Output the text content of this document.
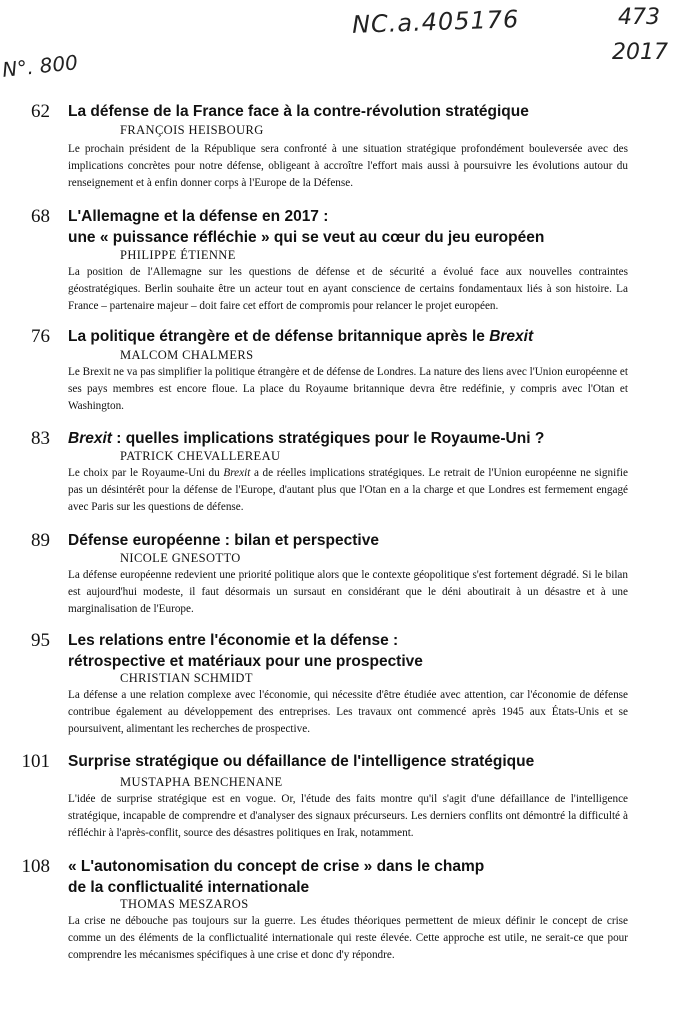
NC.a.405176	473
2017
N°. 800
62 La défense de la France face à la contre-révolution stratégique
FRANÇOIS HEISBOURG
Le prochain président de la République sera confronté à une situation stratégique profondément bouleversée avec des implications concrètes pour notre défense, obligeant à accroître l'effort mais aussi à poursuivre les évolutions autour du renseignement et à enfin donner corps à l'Europe de la Défense.
68 L'Allemagne et la défense en 2017 :
une « puissance réfléchie » qui se veut au cœur du jeu européen
PHILIPPE ÉTIENNE
La position de l'Allemagne sur les questions de défense et de sécurité a évolué face aux nouvelles contraintes géostratégiques. Berlin souhaite être un acteur tout en ayant conscience de certains fondamentaux liés à son histoire. La France – partenaire majeur – doit faire cet effort de compromis pour relancer le projet européen.
76 La politique étrangère et de défense britannique après le Brexit
MALCOM CHALMERS
Le Brexit ne va pas simplifier la politique étrangère et de défense de Londres. La nature des liens avec l'Union européenne et ses pays membres est encore floue. La place du Royaume britannique devra être redéfinie, y compris avec l'Otan et Washington.
83 Brexit : quelles implications stratégiques pour le Royaume-Uni ?
PATRICK CHEVALLEREAU
Le choix par le Royaume-Uni du Brexit a de réelles implications stratégiques. Le retrait de l'Union européenne ne signifie pas un désintérêt pour la défense de l'Europe, d'autant plus que l'Otan en a la charge et que Londres est fermement engagé avec Paris sur les questions de défense.
89 Défense européenne : bilan et perspective
NICOLE GNESOTTO
La défense européenne redevient une priorité politique alors que le contexte géopolitique s'est fortement dégradé. Si le bilan est aujourd'hui modeste, il faut désormais un sursaut en considérant que le déni aboutirait à un désastre et à une marginalisation de l'Europe.
95 Les relations entre l'économie et la défense :
rétrospective et matériaux pour une prospective
CHRISTIAN SCHMIDT
La défense a une relation complexe avec l'économie, qui nécessite d'être étudiée avec attention, car l'économie de défense contribue également au développement des entreprises. Les travaux ont commencé après 1945 aux États-Unis et se poursuivent, alimentant les recherches de prospective.
101 Surprise stratégique ou défaillance de l'intelligence stratégique
MUSTAPHA BENCHENANE
L'idée de surprise stratégique est en vogue. Or, l'étude des faits montre qu'il s'agit d'une défaillance de l'intelligence stratégique, incapable de comprendre et d'analyser des signaux précurseurs. Les derniers conflits ont démontré la difficulté à réfléchir à l'après-conflit, source des désastres politiques en Irak, notamment.
108 « L'autonomisation du concept de crise » dans le champ
de la conflictualité internationale
THOMAS MESZAROS
La crise ne débouche pas toujours sur la guerre. Les études théoriques permettent de mieux définir le concept de crise comme un des éléments de la conflictualité internationale qui reste élevée. Cette approche est utile, ne serait-ce que pour comprendre les mécanismes spécifiques à une crise et donc d'y répondre.
